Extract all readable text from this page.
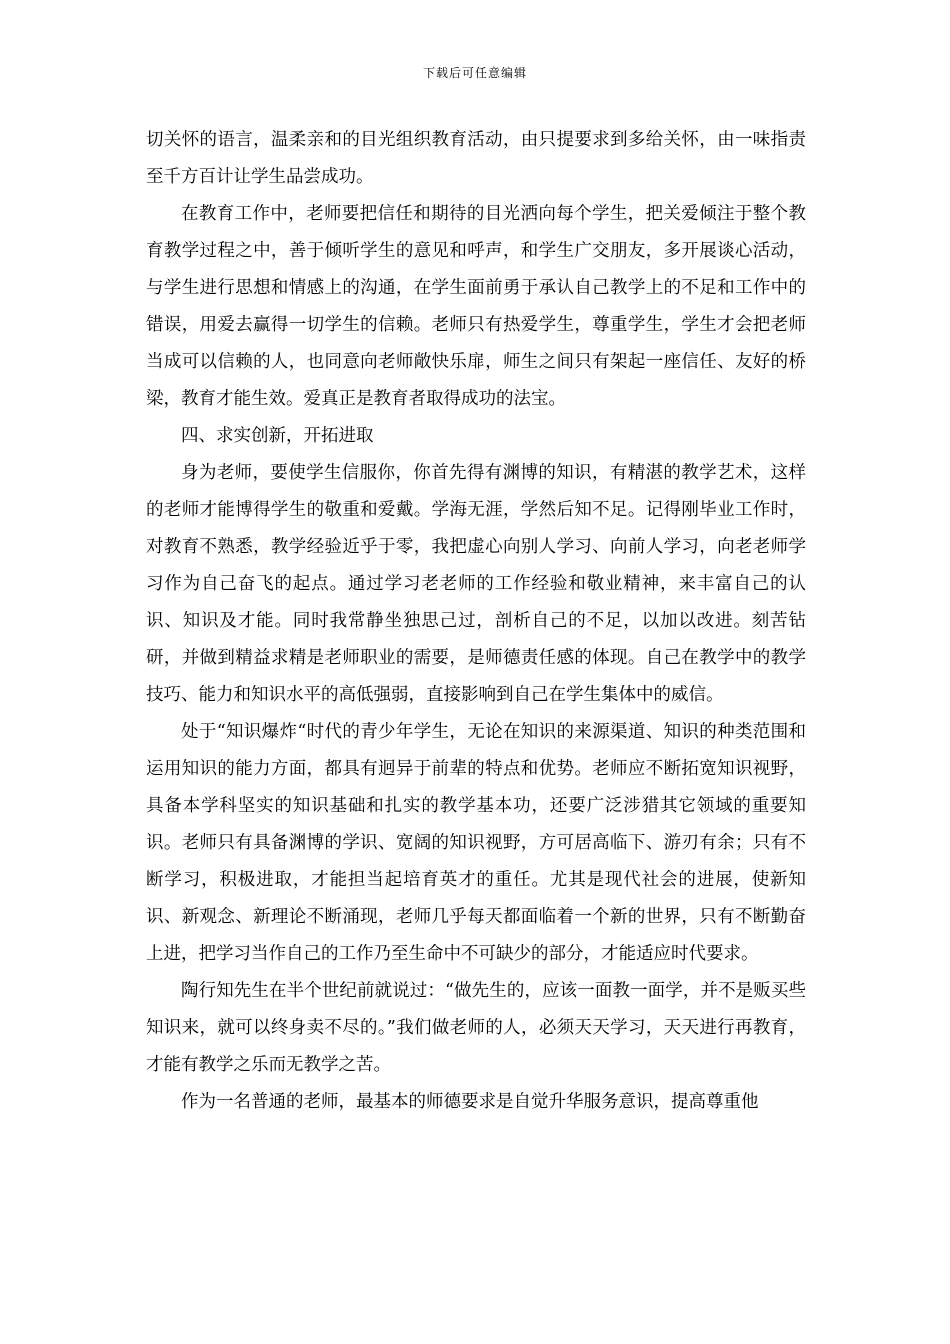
下载后可任意编辑

切关怀的语言，温柔亲和的目光组织教育活动，由只提要求到多给关怀，由一味指责至千方百计让学生品尝成功。

在教育工作中，老师要把信任和期待的目光洒向每个学生，把关爱倾注于整个教育教学过程之中，善于倾听学生的意见和呼声，和学生广交朋友，多开展谈心活动，与学生进行思想和情感上的沟通，在学生面前勇于承认自己教学上的不足和工作中的错误，用爱去赢得一切学生的信赖。老师只有热爱学生，尊重学生，学生才会把老师当成可以信赖的人，也同意向老师敞快乐扉，师生之间只有架起一座信任、友好的桥梁，教育才能生效。爱真正是教育者取得成功的法宝。

四、求实创新，开拓进取

身为老师，要使学生信服你，你首先得有渊博的知识，有精湛的教学艺术，这样的老师才能博得学生的敬重和爱戴。学海无涯，学然后知不足。记得刚毕业工作时，对教育不熟悉，教学经验近乎于零，我把虚心向别人学习、向前人学习，向老老师学习作为自己奋飞的起点。通过学习老老师的工作经验和敬业精神，来丰富自己的认识、知识及才能。同时我常静坐独思己过，剖析自己的不足，以加以改进。刻苦钻研，并做到精益求精是老师职业的需要，是师德责任感的体现。自己在教学中的教学技巧、能力和知识水平的高低强弱，直接影响到自己在学生集体中的威信。

处于“知识爆炸“时代的青少年学生，无论在知识的来源渠道、知识的种类范围和运用知识的能力方面，都具有迥异于前辈的特点和优势。老师应不断拓宽知识视野，具备本学科坚实的知识基础和扎实的教学基本功，还要广泛涉猎其它领域的重要知识。老师只有具备渊博的学识、宽阔的知识视野，方可居高临下、游刃有余；只有不断学习，积极进取，才能担当起培育英才的重任。尤其是现代社会的进展，使新知识、新观念、新理论不断涌现，老师几乎每天都面临着一个新的世界，只有不断勤奋上进，把学习当作自己的工作乃至生命中不可缺少的部分，才能适应时代要求。

陶行知先生在半个世纪前就说过：“做先生的，应该一面教一面学，并不是贩买些知识来，就可以终身卖不尽的。”我们做老师的人，必须天天学习，天天进行再教育，才能有教学之乐而无教学之苦。

作为一名普通的老师，最基本的师德要求是自觉升华服务意识，提高尊重他
